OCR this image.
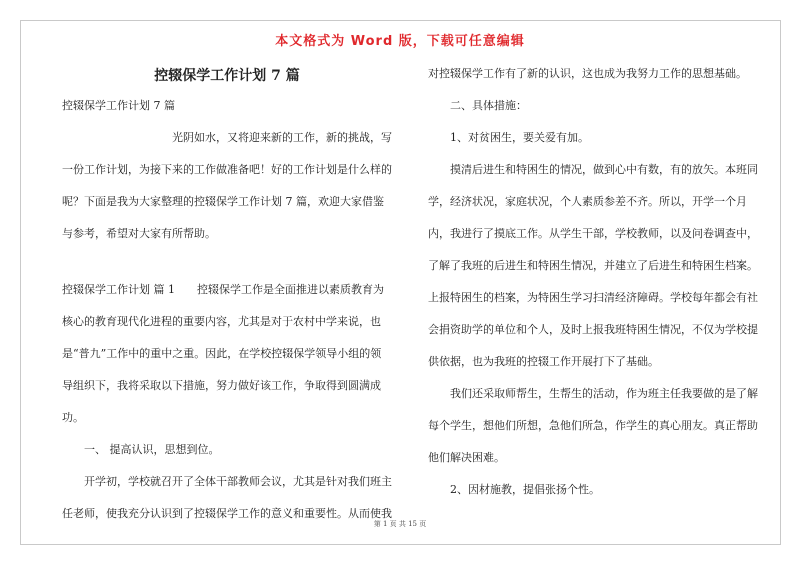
本文格式为 Word 版，下载可任意编辑

控辍保学工作计划 7 篇

控辍保学工作计划 7 篇

光阴如水，又将迎来新的工作，新的挑战，写一份工作计划，为接下来的工作做准备吧！好的工作计划是什么样的呢？下面是我为大家整理的控辍保学工作计划 7 篇，欢迎大家借鉴与参考，希望对大家有所帮助。

控辍保学工作计划 篇 1　　控辍保学工作是全面推进以素质教育为核心的教育现代化进程的重要内容，尤其是对于农村中学来说，也是“普九”工作中的重中之重。因此，在学校控辍保学领导小组的领导组织下，我将采取以下措施，努力做好该工作，争取得到圆满成功。

一、 提高认识，思想到位。

开学初，学校就召开了全体干部教师会议，尤其是针对我们班主任老师，使我充分认识到了控辍保学工作的意义和重要性。从而使我

对控辍保学工作有了新的认识，这也成为我努力工作的思想基础。

二、具体措施：

1、对贫困生，要关爱有加。

摸清后进生和特困生的情况，做到心中有数，有的放矢。本班同学，经济状况，家庭状况，个人素质参差不齐。所以，开学一个月内，我进行了摸底工作。从学生干部，学校教师，以及问卷调查中，了解了我班的后进生和特困生情况，并建立了后进生和特困生档案。上报特困生的档案，为特困生学习扫清经济障碍。学校每年都会有社会捐资助学的单位和个人，及时上报我班特困生情况，不仅为学校提供依据，也为我班的控辍工作开展打下了基础。

我们还采取师帮生，生帮生的活动，作为班主任我要做的是了解每个学生，想他们所想，急他们所急，作学生的真心朋友。真正帮助他们解决困难。

2、因材施教，提倡张扬个性。

第 1 页 共 15 页
